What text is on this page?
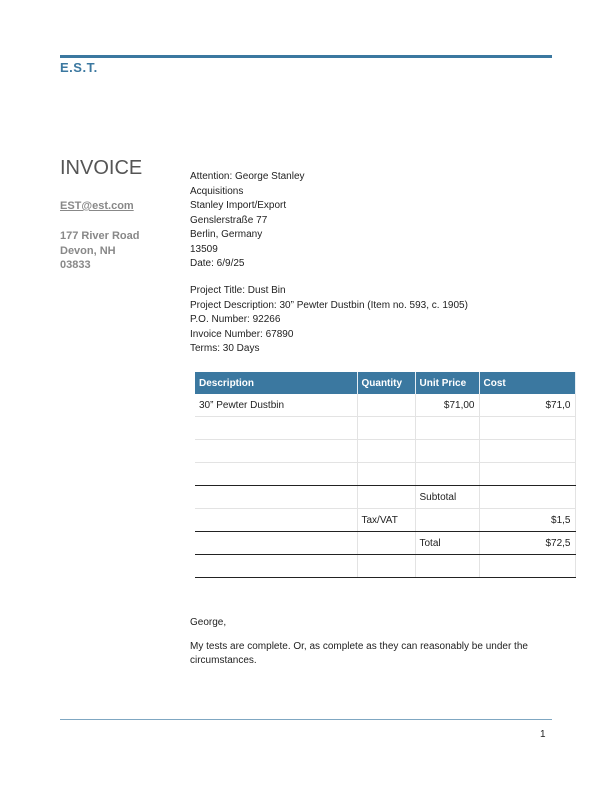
E.S.T.
INVOICE
EST@est.com
177 River Road
Devon, NH
03833
Attention: George Stanley
Acquisitions
Stanley Import/Export
Genslerstraße 77
Berlin, Germany
13509
Date: 6/9/25
Project Title: Dust Bin
Project Description: 30” Pewter Dustbin (Item no. 593, c. 1905)
P.O. Number: 92266
Invoice Number: 67890
Terms: 30 Days
Description	Quantity	Unit Price	Cost
30” Pewter Dustbin		$71,00	$71,0

		Subtotal	
	Tax/VAT		$1,5
		Total	$72,5

George,
My tests are complete. Or, as complete as they can reasonably be under the circumstances.
1
